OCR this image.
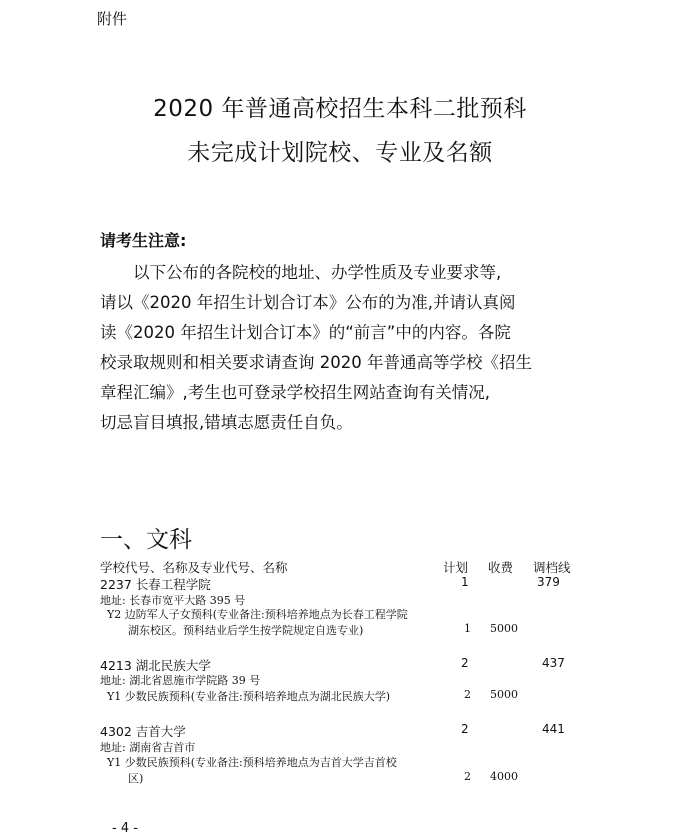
附件
2020 年普通高校招生本科二批预科
未完成计划院校、专业及名额
请考生注意:
以下公布的各院校的地址、办学性质及专业要求等,
请以《2020 年招生计划合订本》公布的为准,并请认真阅
读《2020 年招生计划合订本》的“前言”中的内容。各院
校录取规则和相关要求请查询 2020 年普通高等学校《招生
章程汇编》,考生也可登录学校招生网站查询有关情况,
切忌盲目填报,错填志愿责任自负。
一、文科
学校代号、名称及专业代号、名称	计划 收费 调档线
2237 长春工程学院	1	379
地址: 长春市宽平大路 395 号
Y2 边防军人子女预科(专业备注:预科培养地点为长春工程学院
湖东校区。预科结业后学生按学院规定自选专业)	1 5000
4213 湖北民族大学	2	437
地址: 湖北省恩施市学院路 39 号
Y1 少数民族预科(专业备注:预科培养地点为湖北民族大学)	2 5000
4302 吉首大学	2	441
地址: 湖南省吉首市
Y1 少数民族预科(专业备注:预科培养地点为吉首大学吉首校
区)	2 4000
- 4 -
